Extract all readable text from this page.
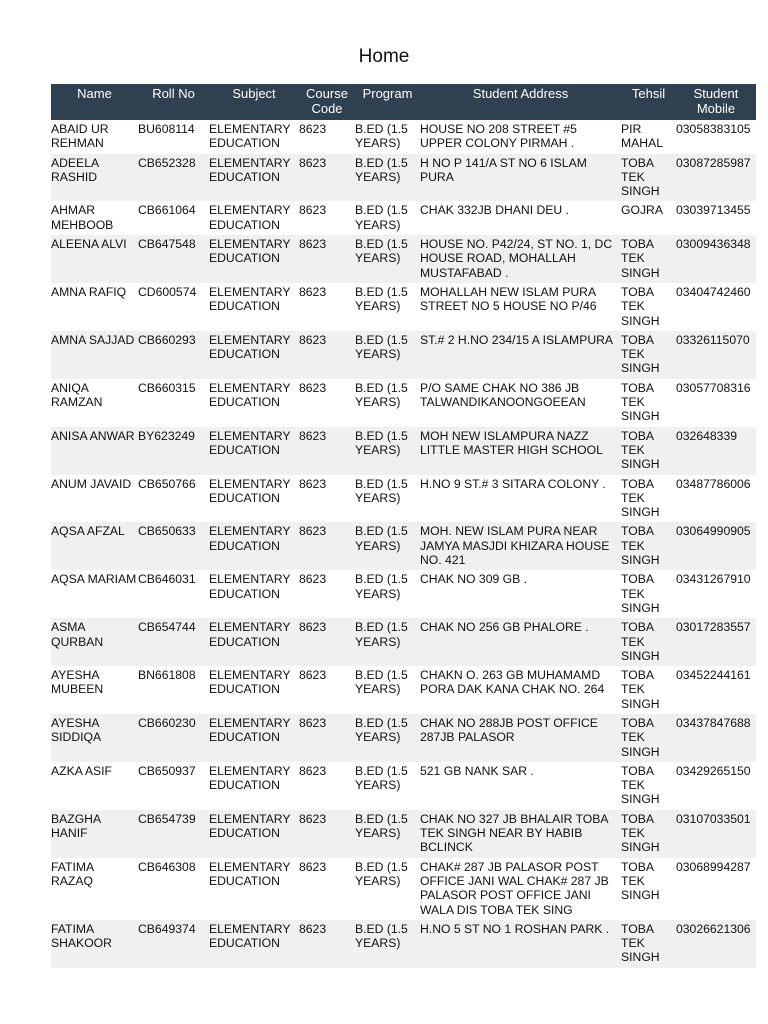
Home
Name	Roll No	Subject	Course Code	Program	Student Address	Tehsil	Student Mobile
ABAID UR REHMAN	BU608114	ELEMENTARY EDUCATION	8623	B.ED (1.5 YEARS)	HOUSE NO 208 STREET #5 UPPER COLONY PIRMAH .	PIR MAHAL	03058383105
ADEELA RASHID	CB652328	ELEMENTARY EDUCATION	8623	B.ED (1.5 YEARS)	H NO P 141/A ST NO 6 ISLAM PURA	TOBA TEK SINGH	03087285987
AHMAR MEHBOOB	CB661064	ELEMENTARY EDUCATION	8623	B.ED (1.5 YEARS)	CHAK 332JB DHANI DEU .	GOJRA	03039713455
ALEENA ALVI	CB647548	ELEMENTARY EDUCATION	8623	B.ED (1.5 YEARS)	HOUSE NO. P42/24, ST NO. 1, DC HOUSE ROAD, MOHALLAH MUSTAFABAD .	TOBA TEK SINGH	03009436348
AMNA RAFIQ	CD600574	ELEMENTARY EDUCATION	8623	B.ED (1.5 YEARS)	MOHALLAH NEW ISLAM PURA STREET NO 5 HOUSE NO P/46	TOBA TEK SINGH	03404742460
AMNA SAJJAD	CB660293	ELEMENTARY EDUCATION	8623	B.ED (1.5 YEARS)	ST.# 2 H.NO 234/15 A ISLAMPURA	TOBA TEK SINGH	03326115070
ANIQA RAMZAN	CB660315	ELEMENTARY EDUCATION	8623	B.ED (1.5 YEARS)	P/O SAME CHAK NO 386 JB TALWANDIKANOONGOEEAN	TOBA TEK SINGH	03057708316
ANISA ANWAR	BY623249	ELEMENTARY EDUCATION	8623	B.ED (1.5 YEARS)	MOH NEW ISLAMPURA NAZZ LITTLE MASTER HIGH SCHOOL	TOBA TEK SINGH	032648339
ANUM JAVAID	CB650766	ELEMENTARY EDUCATION	8623	B.ED (1.5 YEARS)	H.NO 9 ST.# 3 SITARA COLONY .	TOBA TEK SINGH	03487786006
AQSA AFZAL	CB650633	ELEMENTARY EDUCATION	8623	B.ED (1.5 YEARS)	MOH. NEW ISLAM PURA NEAR JAMYA MASJDI KHIZARA HOUSE NO. 421	TOBA TEK SINGH	03064990905
AQSA MARIAM	CB646031	ELEMENTARY EDUCATION	8623	B.ED (1.5 YEARS)	CHAK NO 309 GB .	TOBA TEK SINGH	03431267910
ASMA QURBAN	CB654744	ELEMENTARY EDUCATION	8623	B.ED (1.5 YEARS)	CHAK NO 256 GB PHALORE .	TOBA TEK SINGH	03017283557
AYESHA MUBEEN	BN661808	ELEMENTARY EDUCATION	8623	B.ED (1.5 YEARS)	CHAKN O. 263 GB MUHAMAMD PORA DAK KANA CHAK NO. 264	TOBA TEK SINGH	03452244161
AYESHA SIDDIQA	CB660230	ELEMENTARY EDUCATION	8623	B.ED (1.5 YEARS)	CHAK NO 288JB POST OFFICE 287JB PALASOR	TOBA TEK SINGH	03437847688
AZKA ASIF	CB650937	ELEMENTARY EDUCATION	8623	B.ED (1.5 YEARS)	521 GB NANK SAR .	TOBA TEK SINGH	03429265150
BAZGHA HANIF	CB654739	ELEMENTARY EDUCATION	8623	B.ED (1.5 YEARS)	CHAK NO 327 JB BHALAIR TOBA TEK SINGH NEAR BY HABIB BCLINCK	TOBA TEK SINGH	03107033501
FATIMA RAZAQ	CB646308	ELEMENTARY EDUCATION	8623	B.ED (1.5 YEARS)	CHAK# 287 JB PALASOR POST OFFICE JANI WAL CHAK# 287 JB PALASOR POST OFFICE JANI WALA DIS TOBA TEK SING	TOBA TEK SINGH	03068994287
FATIMA SHAKOOR	CB649374	ELEMENTARY EDUCATION	8623	B.ED (1.5 YEARS)	H.NO 5 ST NO 1 ROSHAN PARK .	TOBA TEK SINGH	03026621306
